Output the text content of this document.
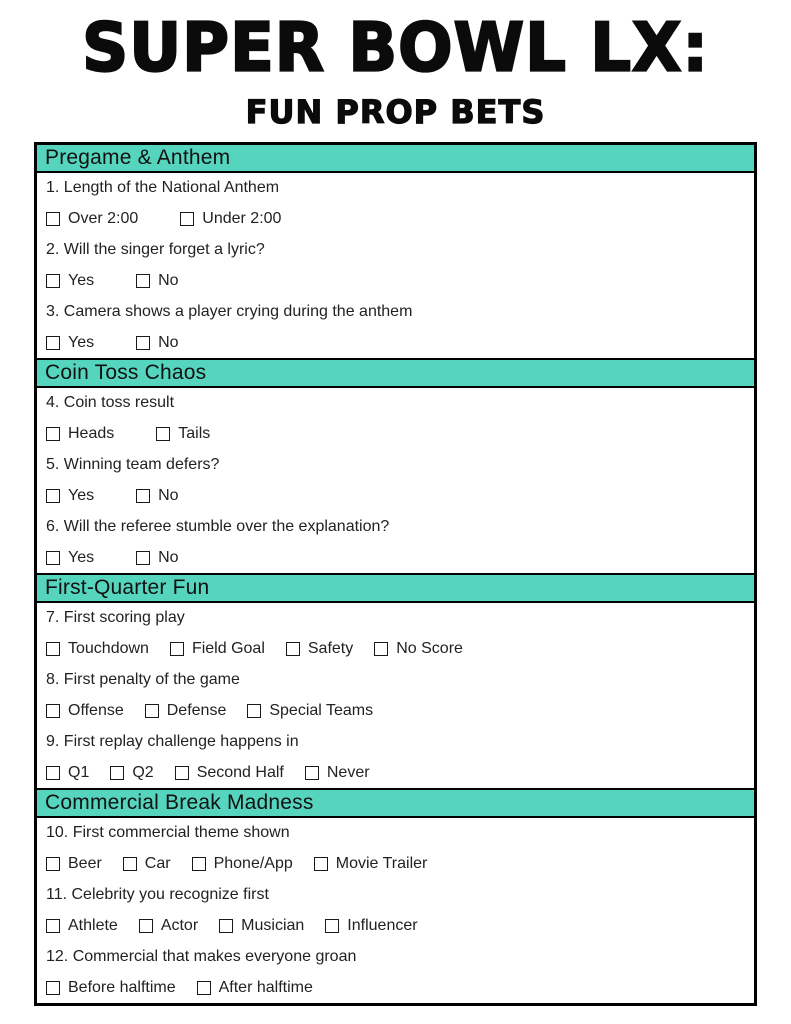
SUPER BOWL LX:
FUN PROP BETS
Pregame & Anthem
1. Length of the National Anthem
Over 2:00	Under 2:00
2. Will the singer forget a lyric?
Yes	No
3. Camera shows a player crying during the anthem
Yes	No
Coin Toss Chaos
4. Coin toss result
Heads	Tails
5. Winning team defers?
Yes	No
6. Will the referee stumble over the explanation?
Yes	No
First-Quarter Fun
7. First scoring play
Touchdown	Field Goal	Safety	No Score
8. First penalty of the game
Offense	Defense	Special Teams
9. First replay challenge happens in
Q1	Q2	Second Half	Never
Commercial Break Madness
10. First commercial theme shown
Beer	Car	Phone/App	Movie Trailer
11. Celebrity you recognize first
Athlete	Actor	Musician	Influencer
12. Commercial that makes everyone groan
Before halftime	After halftime
